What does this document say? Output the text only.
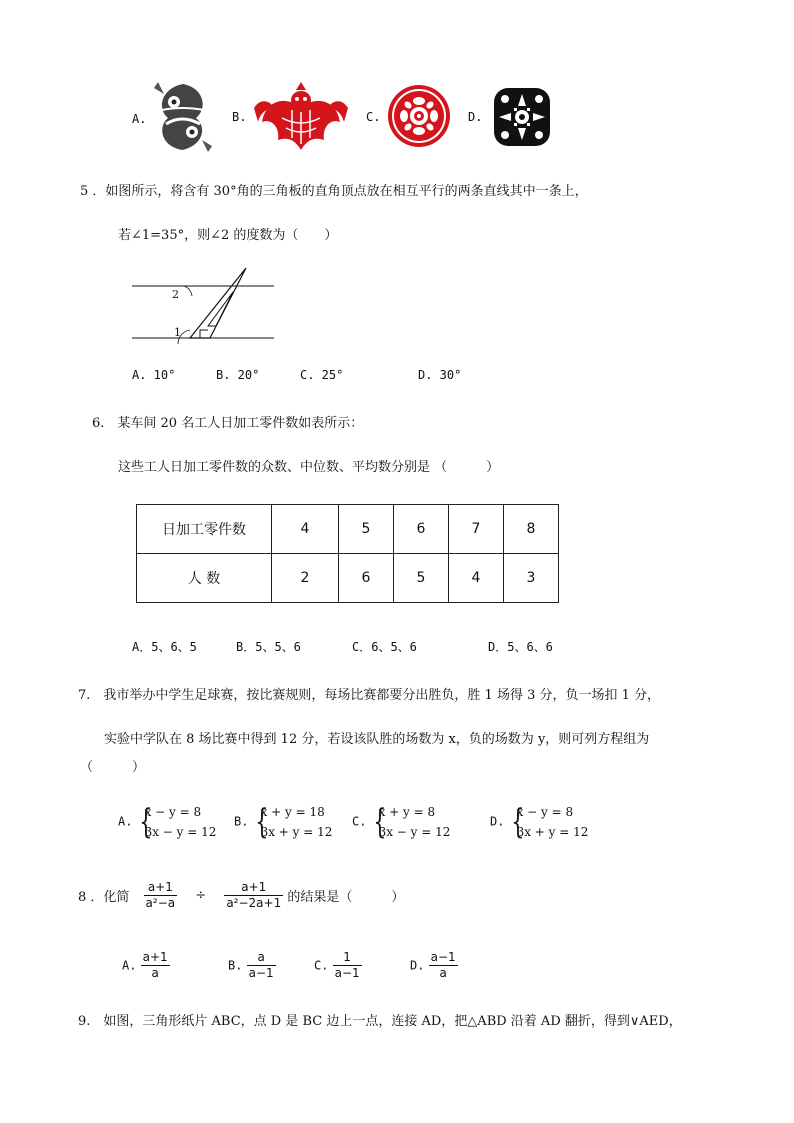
A.	B.	C.	D.
5 ．如图所示，将含有 30°角的三角板的直角顶点放在相互平行的两条直线其中一条上，
若∠1=35°，则∠2 的度数为（　　）
2
1
A. 10°	B. 20°	C. 25°	D. 30°
6.　某车间 20 名工人日加工零件数如表所示：
这些工人日加工零件数的众数、中位数、平均数分别是 （　　　）
日加工零件数	4	5	6	7	8
人 数	2	6	5	4	3
A．5、6、5	B．5、5、6	C．6、5、6	D．5、6、6
7.　我市举办中学生足球赛，按比赛规则，每场比赛都要分出胜负，胜 1 场得 3 分，负一场扣 1 分，
实验中学队在 8 场比赛中得到 12 分，若设该队胜的场数为 x，负的场数为 y，则可列方程组为
（　　　）
A. {
x − y = 8
3x − y = 12
B. {
x + y = 18
3x + y = 12
C. {
x + y = 8
3x − y = 12
D. {
x − y = 8
3x + y = 12
8 ．化简 $\frac{a+1}{\text{a²−a}} \div \frac{a+1}{\text{a²−2a+1}}$ 的结果是（　　　）
A. $\frac{a+1}{a}$	B. $\frac{a}{a-1}$	C. $\frac{1}{a-1}$	D. $\frac{a-1}{a}$
9.　如图，三角形纸片 ABC，点 D 是 BC 边上一点，连接 AD，把△ABD 沿着 AD 翻折，得到∨AED，
